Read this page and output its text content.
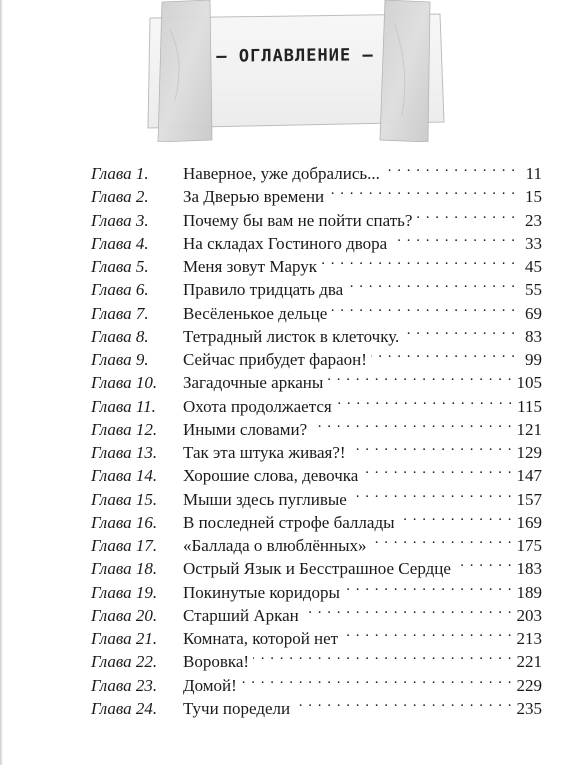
– ОГЛАВЛЕНИЕ –
Глава 1.	Наверное, уже добрались... . . .	11
Глава 2.	За Дверью времени . . .	15
Глава 3.	Почему бы вам не пойти спать? . . .	23
Глава 4.	На складах Гостиного двора . . .	33
Глава 5.	Меня зовут Марук . . .	45
Глава 6.	Правило тридцать два . . .	55
Глава 7.	Весёленькое дельце . . .	69
Глава 8.	Тетрадный листок в клеточку. . . .	83
Глава 9.	Сейчас прибудет фараон! . . .	99
Глава 10.	Загадочные арканы . . .	105
Глава 11.	Охота продолжается . . .	115
Глава 12.	Иными словами? . . .	121
Глава 13.	Так эта штука живая?! . . .	129
Глава 14.	Хорошие слова, девочка . . .	147
Глава 15.	Мыши здесь пугливые . . .	157
Глава 16.	В последней строфе баллады . . .	169
Глава 17.	«Баллада о влюблённых» . . .	175
Глава 18.	Острый Язык и Бесстрашное Сердце . . .	183
Глава 19.	Покинутые коридоры . . .	189
Глава 20.	Старший Аркан . . .	203
Глава 21.	Комната, которой нет . . .	213
Глава 22.	Воровка! . . .	221
Глава 23.	Домой! . . .	229
Глава 24.	Тучи поредели . . .	235
